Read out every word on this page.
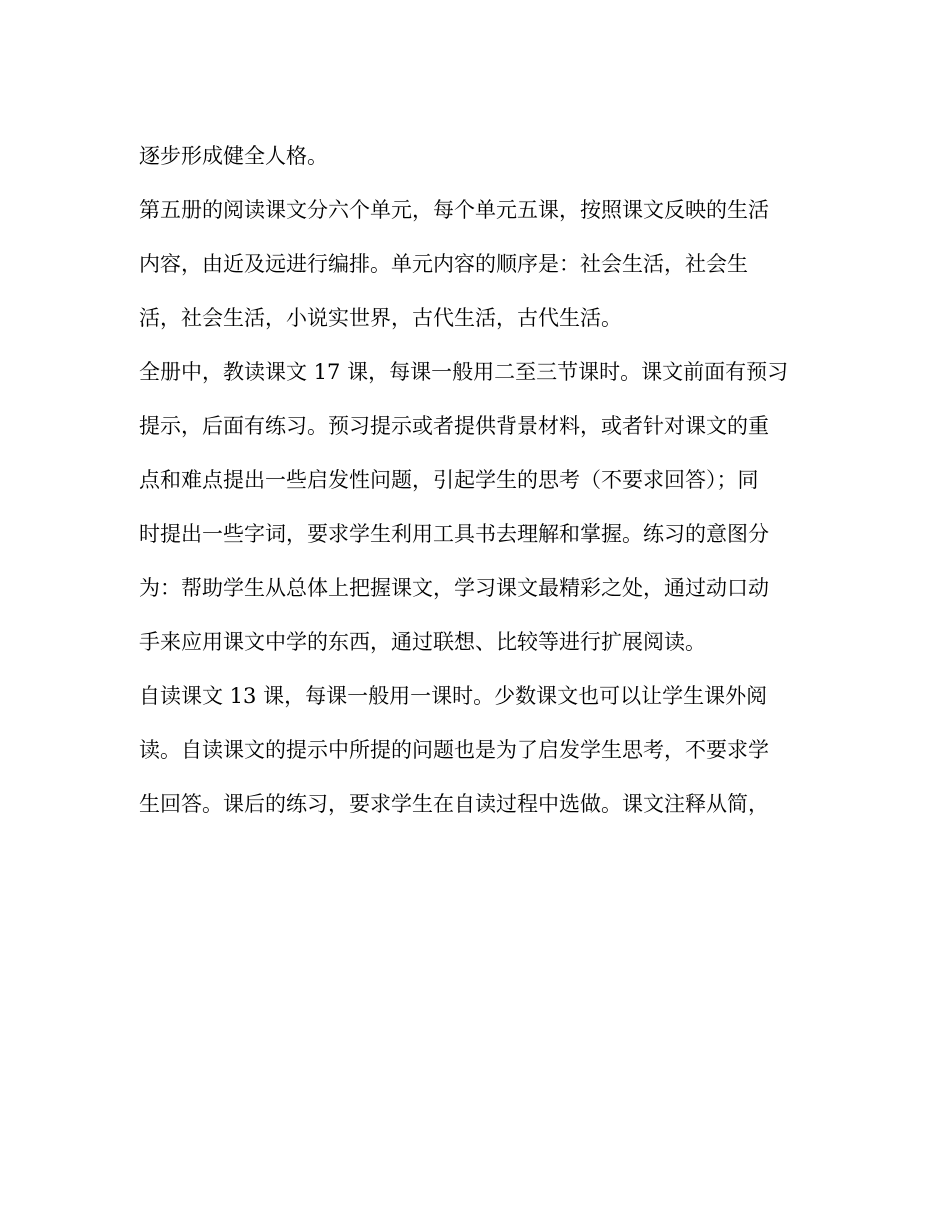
逐步形成健全人格。
第五册的阅读课文分六个单元，每个单元五课，按照课文反映的生活
内容，由近及远进行编排。单元内容的顺序是：社会生活，社会生
活，社会生活，小说实世界，古代生活，古代生活。
全册中，教读课文 17 课，每课一般用二至三节课时。课文前面有预习
提示，后面有练习。预习提示或者提供背景材料，或者针对课文的重
点和难点提出一些启发性问题，引起学生的思考（不要求回答）；同
时提出一些字词，要求学生利用工具书去理解和掌握。练习的意图分
为：帮助学生从总体上把握课文，学习课文最精彩之处，通过动口动
手来应用课文中学的东西，通过联想、比较等进行扩展阅读。
自读课文 13 课，每课一般用一课时。少数课文也可以让学生课外阅
读。自读课文的提示中所提的问题也是为了启发学生思考，不要求学
生回答。课后的练习，要求学生在自读过程中选做。课文注释从简，
